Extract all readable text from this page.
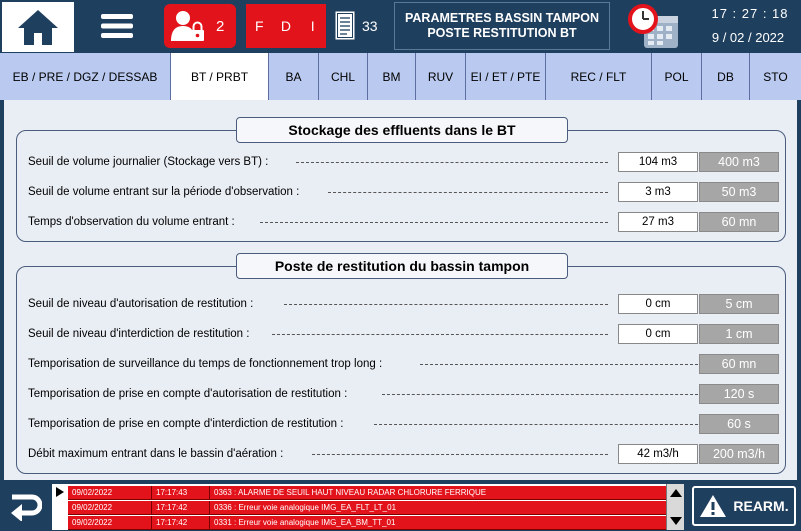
2	F	D	I	33	PARAMETRES BASSIN TAMPON
POSTE RESTITUTION BT
17 : 27 : 18
9 / 02 / 2022
EB / PRE / DGZ / DESSAB	BT / PRBT	BA	CHL	BM	RUV	EI / ET / PTE	REC / FLT	POL	DB	STO
Stockage des effluents dans le BT
Seuil de volume journalier (Stockage vers BT) :	104 m3	400 m3
Seuil de volume entrant sur la période d'observation :	3 m3	50 m3
Temps d'observation du volume entrant :	27 m3	60 mn
Poste de restitution du bassin tampon
Seuil de niveau d'autorisation de restitution :	0 cm	5 cm
Seuil de niveau d'interdiction de restitution :	0 cm	1 cm
Temporisation de surveillance du temps de fonctionnement trop long :	60 mn
Temporisation de prise en compte d'autorisation de restitution :	120 s
Temporisation de prise en compte d'interdiction de restitution :	60 s
Débit maximum entrant dans le bassin d'aération :	42 m3/h	200 m3/h
09/02/2022	17:17:43	0363 : ALARME DE SEUIL HAUT NIVEAU RADAR CHLORURE FERRIQUE
09/02/2022	17:17:42	0336 : Erreur voie analogique IMG_EA_FLT_LT_01
09/02/2022	17:17:42	0331 : Erreur voie analogique IMG_EA_BM_TT_01
REARM.
